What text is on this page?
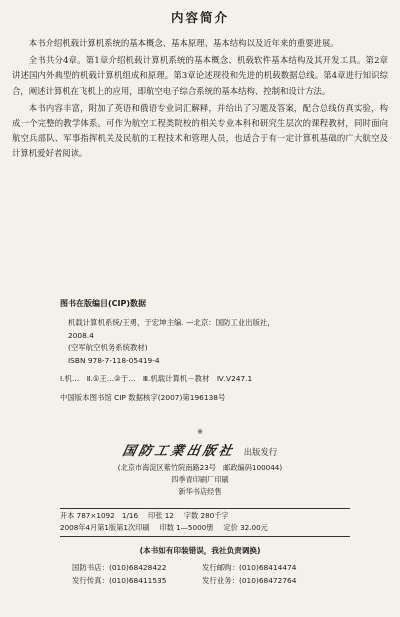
内容简介

本书介绍机载计算机系统的基本概念、基本原理、基本结构以及近年来的重要进展。

全书共分4章。第1章介绍机载计算机系统的基本概念、机载软件基本结构及其开发工具。第2章讲述国内外典型的机载计算机组成和原理。第3章论述现役和先进的机载数据总线。第4章进行知识综合，阐述计算机在飞机上的应用，即航空电子综合系统的基本结构、控制和设计方法。

本书内容丰富，附加了英语和俄语专业词汇解释，并给出了习题及答案，配合总线仿真实验，构成一个完整的教学体系。可作为航空工程类院校的相关专业本科和研究生层次的课程教材，同时面向航空兵部队、军事指挥机关及民航的工程技术和管理人员，也适合于有一定计算机基础的广大航空及计算机爱好者阅读。

图书在版编目(CIP)数据
机载计算机系统/王勇，于宏坤主编. —北京：国防工业出版社，
2008.4
(空军航空机务系统教材)
ISBN 978-7-118-05419-4
Ⅰ.机…　Ⅱ.①王…②于…　Ⅲ.机载计算机－教材　Ⅳ.V247.1
中国版本图书馆 CIP 数据核字(2007)第196138号
※
国防工業出版社 出版发行
(北京市海淀区紫竹院南路23号　邮政编码100044)
四季青印刷厂印刷
新华书店经售
开本 787×1092　1/16 印张 12 字数 280千字
2008年4月第1版第1次印刷 印数 1—5000册 定价 32.00元
(本书如有印装错误，我社负责调换)
国防书店：(010)68428422	发行邮购：(010)68414474
发行传真：(010)68411535	发行业务：(010)68472764
